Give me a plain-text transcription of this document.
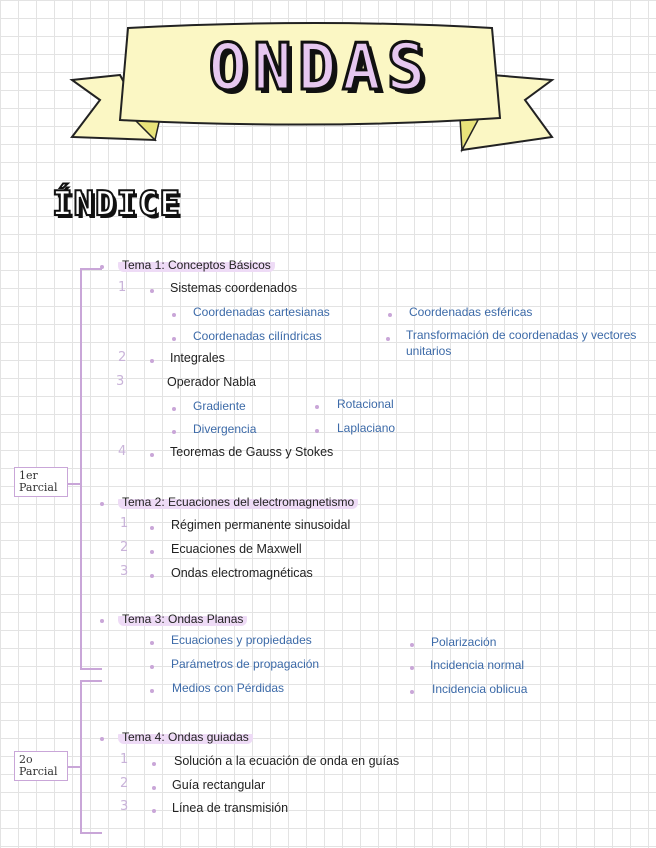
ONDAS
ÍNDICE
1er Parcial
2o Parcial
Tema 1: Conceptos Básicos
1	Sistemas coordenados
Coordenadas cartesianas	Coordenadas esféricas
Coordenadas cilíndricas	Transformación de coordenadas y vectores unitarios
2	Integrales
3	Operador Nabla
Gradiente	Rotacional
Divergencia	Laplaciano
4	Teoremas de Gauss y Stokes
Tema 2: Ecuaciones del electromagnetismo
1	Régimen permanente sinusoidal
2	Ecuaciones de Maxwell
3	Ondas electromagnéticas
Tema 3: Ondas Planas
Ecuaciones y propiedades	Polarización
Parámetros de propagación	Incidencia normal
Medios con Pérdidas	Incidencia oblicua
Tema 4: Ondas guiadas
1	Solución a la ecuación de onda en guías
2	Guía rectangular
3	Línea de transmisión
